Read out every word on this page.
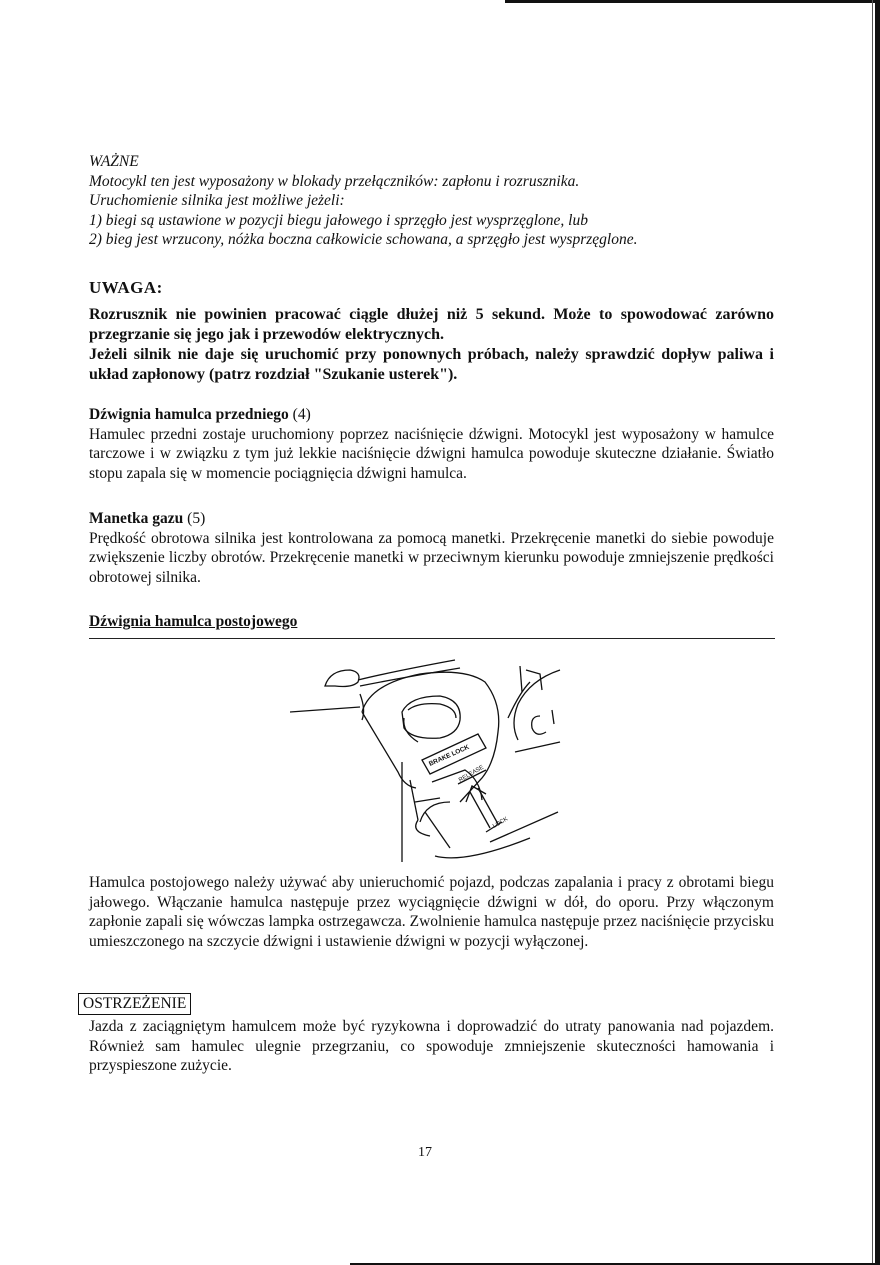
WAŻNE

Motocykl ten jest wyposażony w blokady przełączników: zapłonu i rozrusznika.

Uruchomienie silnika jest możliwe jeżeli:

1) biegi są ustawione w pozycji biegu jałowego i sprzęgło jest wysprzęglone, lub

2) bieg jest wrzucony, nóżka boczna całkowicie schowana, a sprzęgło jest wysprzęglone.

UWAGA:

Rozrusznik nie powinien pracować ciągle dłużej niż 5 sekund. Może to spowodować zarówno przegrzanie się jego jak i przewodów elektrycznych.

Jeżeli silnik nie daje się uruchomić przy ponownych próbach, należy sprawdzić dopływ paliwa i układ zapłonowy (patrz rozdział "Szukanie usterek").

Dźwignia hamulca przedniego (4)

Hamulec przedni zostaje uruchomiony poprzez naciśnięcie dźwigni. Motocykl jest wyposażony w hamulce tarczowe i w związku z tym już lekkie naciśnięcie dźwigni hamulca powoduje skuteczne działanie. Światło stopu zapala się w momencie pociągnięcia dźwigni hamulca.

Manetka gazu (5)

Prędkość obrotowa silnika jest kontrolowana za pomocą manetki. Przekręcenie manetki do siebie powoduje zwiększenie liczby obrotów. Przekręcenie manetki w przeciwnym kierunku powoduje zmniejszenie prędkości obrotowej silnika.

Dźwignia hamulca postojowego

BRAKE LOCK
RELEASE
LOCK

Hamulca postojowego należy używać aby unieruchomić pojazd, podczas zapalania i pracy z obrotami biegu jałowego. Włączanie hamulca następuje przez wyciągnięcie dźwigni w dół, do oporu. Przy włączonym zapłonie zapali się wówczas lampka ostrzegawcza. Zwolnienie hamulca następuje przez naciśnięcie przycisku umieszczonego na szczycie dźwigni i ustawienie dźwigni w pozycji wyłączonej.

OSTRZEŻENIE

Jazda z zaciągniętym hamulcem może być ryzykowna i doprowadzić do utraty panowania nad pojazdem. Również sam hamulec ulegnie przegrzaniu, co spowoduje zmniejszenie skuteczności hamowania i przyspieszone zużycie.

17
